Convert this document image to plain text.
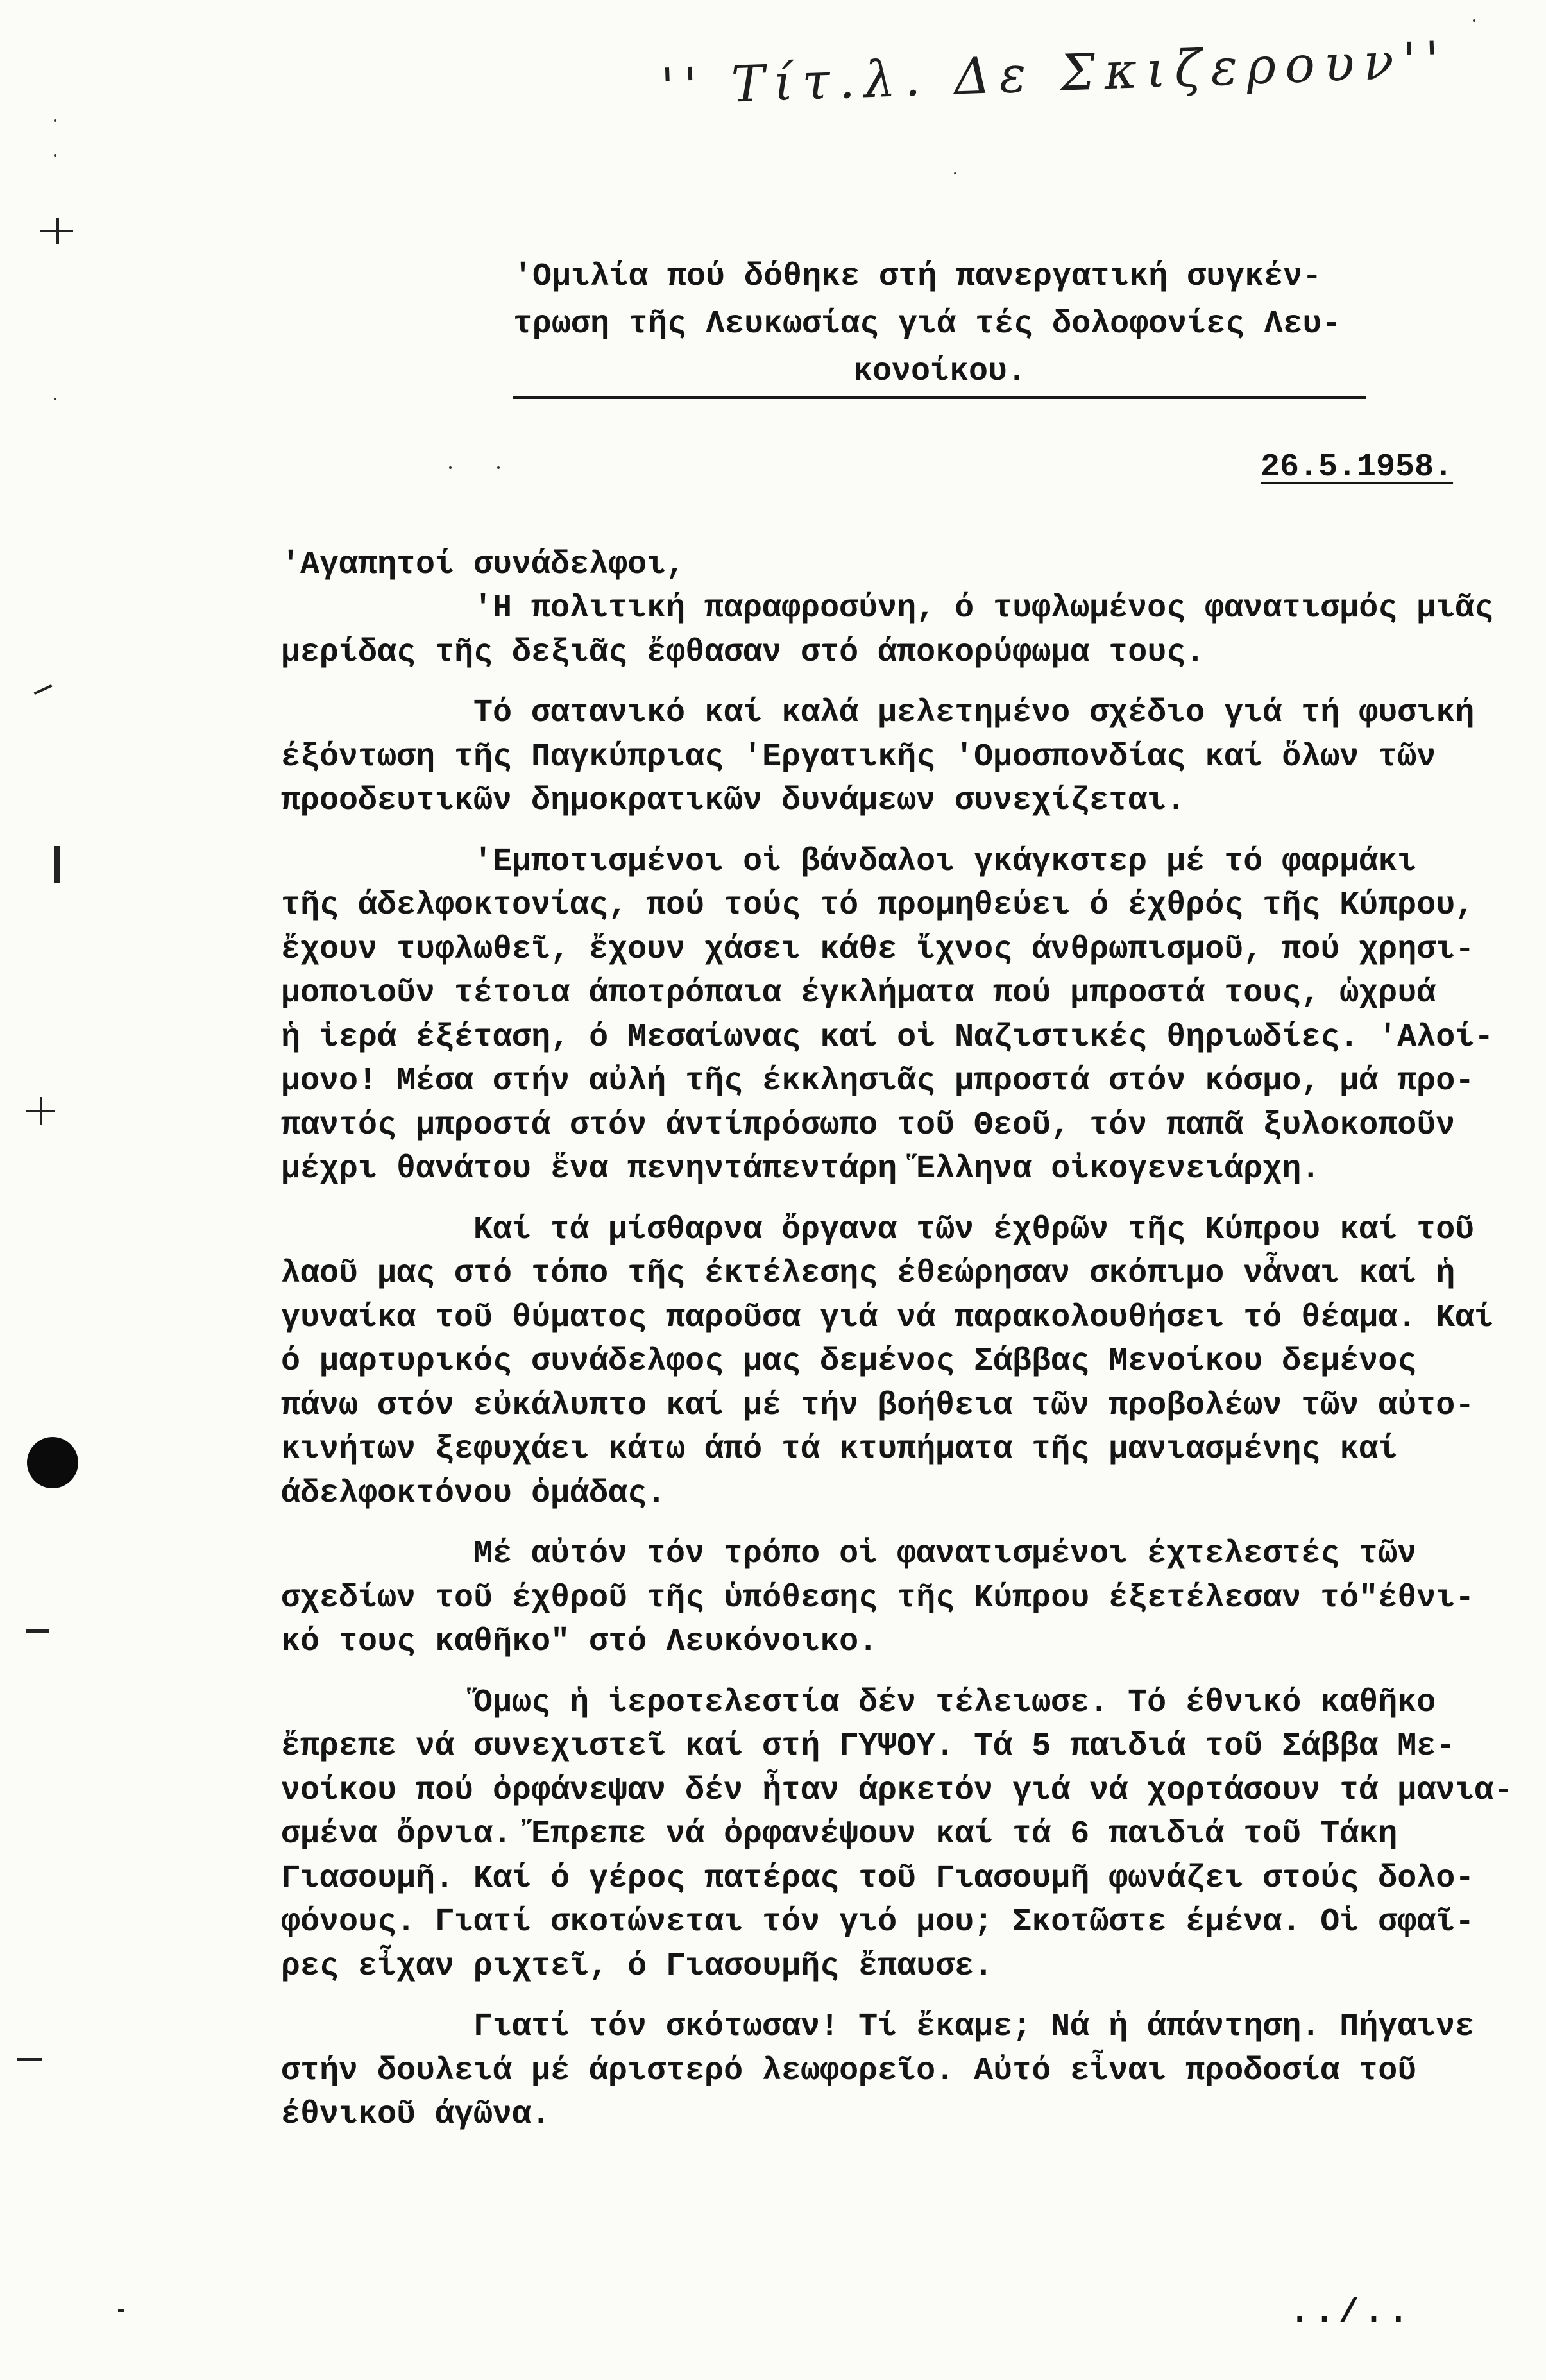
'' Τίτ.λ. Δε Σκιζερουν''
'Ομιλία πού δόθηκε στή πανεργατική συγκέν-
τρωση τῆς Λευκωσίας γιά τές δολοφονίες Λευ-
κονοίκου.
26.5.1958.
'Αγαπητοί συνάδελφοι,
'Η πολιτική παραφροσύνη, ό τυφλωμένος φανατισμός μιᾶς
μερίδας τῆς δεξιᾶς ἔφθασαν στό άποκορύφωμα τους.
Τό σατανικό καί καλά μελετημένο σχέδιο γιά τή φυσική
έξόντωση τῆς Παγκύπριας 'Εργατικῆς 'Ομοσπονδίας καί ὅλων τῶν
προοδευτικῶν δημοκρατικῶν δυνάμεων συνεχίζεται.
'Εμποτισμένοι οἱ βάνδαλοι γκάγκστερ μέ τό φαρμάκι
τῆς άδελφοκτονίας, πού τούς τό προμηθεύει ό έχθρός τῆς Κύπρου,
ἔχουν τυφλωθεῖ, ἔχουν χάσει κάθε ἴχνος άνθρωπισμοῦ, πού χρησι-
μοποιοῦν τέτοια άποτρόπαια έγκλήματα πού μπροστά τους, ὡχρυά
ἡ ἱερά έξέταση, ό Μεσαίωνας καί οἱ Ναζιστικές θηριωδίες. 'Αλοί-
μονο! Μέσα στήν αὐλή τῆς έκκλησιᾶς μπροστά στόν κόσμο, μά προ-
παντός μπροστά στόν άντίπρόσωπο τοῦ Θεοῦ, τόν παπᾶ ξυλοκοποῦν
μέχρι θανάτου ἕνα πενηντάπεντάρη Ἕλληνα οἰκογενειάρχη.
Καί τά μίσθαρνα ὄργανα τῶν έχθρῶν τῆς Κύπρου καί τοῦ
λαοῦ μας στό τόπο τῆς έκτέλεσης έθεώρησαν σκόπιμο νἆναι καί ἡ
γυναίκα τοῦ θύματος παροῦσα γιά νά παρακολουθήσει τό θέαμα. Καί
ό μαρτυρικός συνάδελφος μας δεμένος Σάββας Μενοίκου δεμένος
πάνω στόν εὐκάλυπτο καί μέ τήν βοήθεια τῶν προβολέων τῶν αὐτο-
κινήτων ξεφυχάει κάτω άπό τά κτυπήματα τῆς μανιασμένης καί
άδελφοκτόνου ὁμάδας.
Μέ αὐτόν τόν τρόπο οἱ φανατισμένοι έχτελεστές τῶν
σχεδίων τοῦ έχθροῦ τῆς ὑπόθεσης τῆς Κύπρου έξετέλεσαν τό"έθνι-
κό τους καθῆκο" στό Λευκόνοικο.
Ὅμως ἡ ἱεροτελεστία δέν τέλειωσε. Τό έθνικό καθῆκο
ἔπρεπε νά συνεχιστεῖ καί στή ΓΥΨΟΥ. Τά 5 παιδιά τοῦ Σάββα Με-
νοίκου πού ὀρφάνεψαν δέν ἦταν άρκετόν γιά νά χορτάσουν τά μανια-
σμένα ὄρνια. Ἔπρεπε νά ὀρφανέψουν καί τά 6 παιδιά τοῦ Τάκη
Γιασουμῆ. Καί ό γέρος πατέρας τοῦ Γιασουμῆ φωνάζει στούς δολο-
φόνους. Γιατί σκοτώνεται τόν γιό μου; Σκοτῶστε έμένα. Οἱ σφαῖ-
ρες εἶχαν ριχτεῖ, ό Γιασουμῆς ἔπαυσε.
Γιατί τόν σκότωσαν! Τί ἔκαμε; Νά ἡ άπάντηση. Πήγαινε
στήν δουλειά μέ άριστερό λεωφορεῖο. Αὐτό εἶναι προδοσία τοῦ
έθνικοῦ άγῶνα.
../..
